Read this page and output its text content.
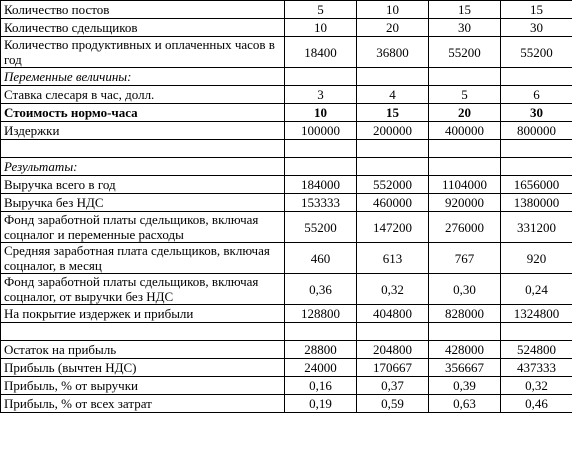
Количество постов	5	10	15	15
Количество сдельщиков	10	20	30	30
Количество продуктивных и оплаченных часов в год	18400	36800	55200	55200
Переменные величины:				
Ставка слесаря в час, долл.	3	4	5	6
Стоимость нормо-часа	10	15	20	30
Издержки	100000	200000	400000	800000

Результаты:				
Выручка всего в год	184000	552000	1104000	1656000
Выручка без НДС	153333	460000	920000	1380000
Фонд заработной платы сдельщиков, включая соцналог и переменные расходы	55200	147200	276000	331200
Средняя заработная плата сдельщиков, включая соцналог, в месяц	460	613	767	920
Фонд заработной платы сдельщиков, включая соцналог, от выручки без НДС	0,36	0,32	0,30	0,24
На покрытие издержек и прибыли	128800	404800	828000	1324800

Остаток на прибыль	28800	204800	428000	524800
Прибыль (вычтен НДС)	24000	170667	356667	437333
Прибыль, % от выручки	0,16	0,37	0,39	0,32
Прибыль, % от всех затрат	0,19	0,59	0,63	0,46
